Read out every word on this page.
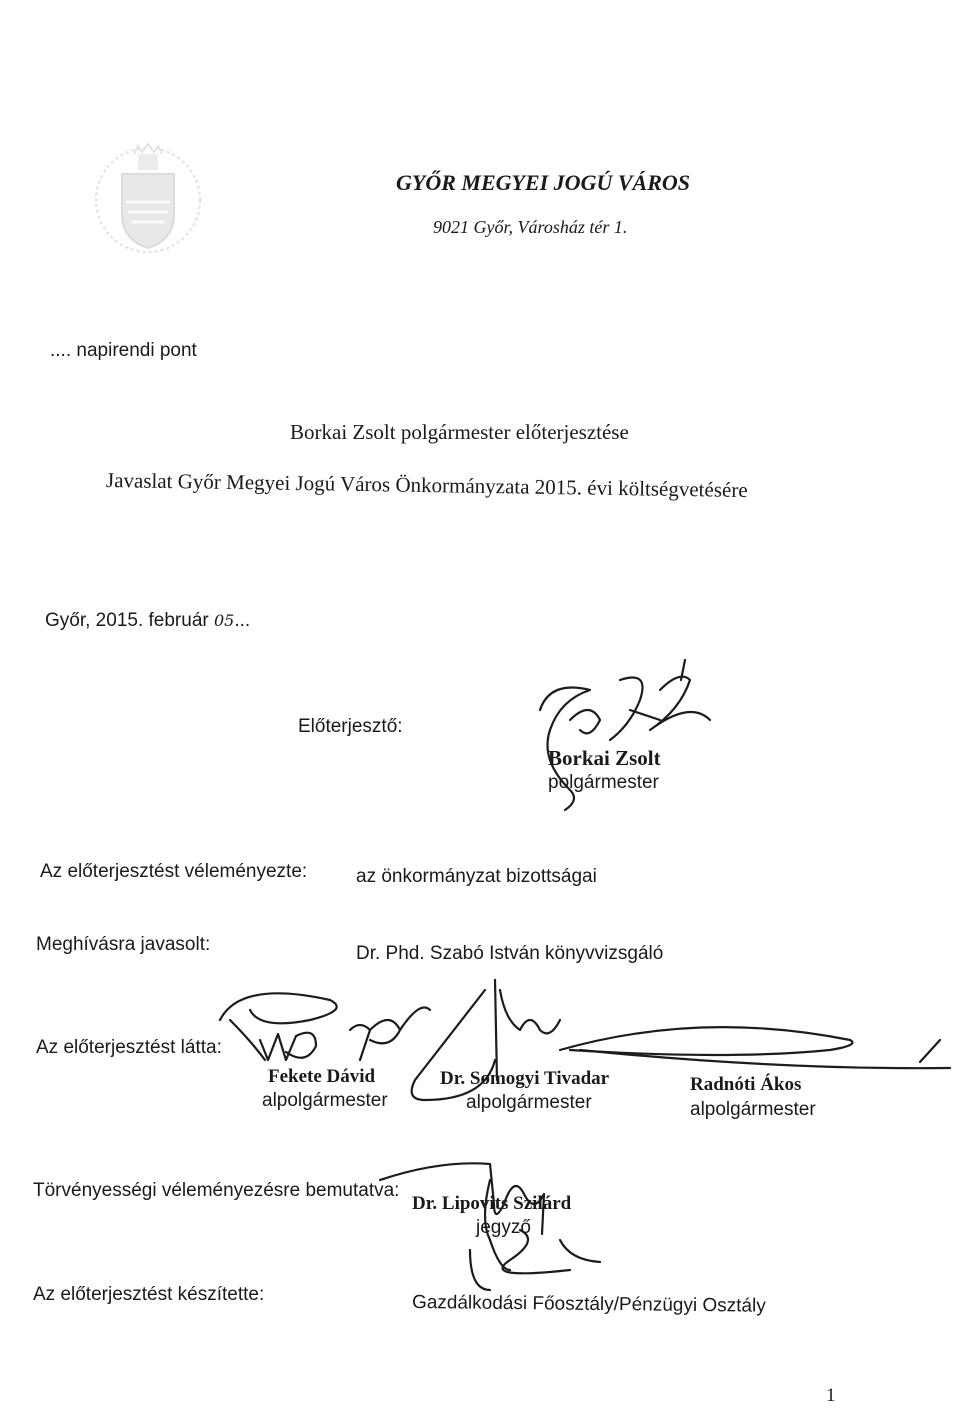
GYŐR MEGYEI JOGÚ VÁROS
9021 Győr, Városház tér 1.
.... napirendi pont
Borkai Zsolt polgármester előterjesztése
Javaslat Győr Megyei Jogú Város Önkormányzata 2015. évi költségvetésére
Győr, 2015. február 05...
Előterjesztő:
Borkai Zsolt
polgármester
Az előterjesztést véleményezte:	az önkormányzat bizottságai
Meghívásra javasolt:	Dr. Phd. Szabó István könyvvizsgáló
Az előterjesztést látta:
Fekete Dávid
alpolgármester
Dr. Somogyi Tivadar
alpolgármester
Radnóti Ákos
alpolgármester
Törvényességi véleményezésre bemutatva:
Dr. Lipovits Szilárd
jegyző
Az előterjesztést készítette:	Gazdálkodási Főosztály/Pénzügyi Osztály
1
